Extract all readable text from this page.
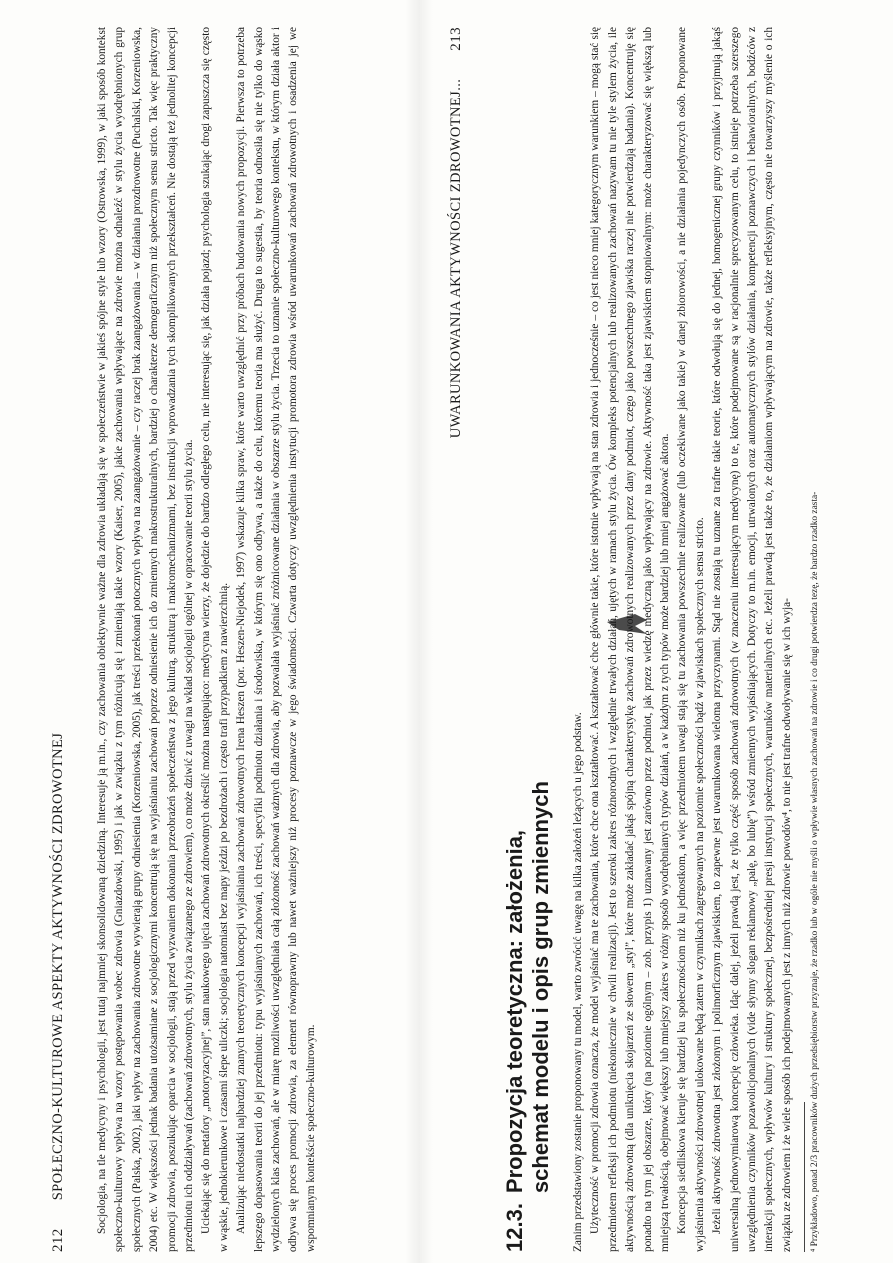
212
SPOŁECZNO-KULTUROWE ASPEKTY AKTYWNOŚCI ZDROWOTNEJ	Socjologia, na tle medycyny i psychologii, jest tutaj najmniej skonsolidowaną dziedziną. Interesuje ją m.in., czy zachowania obiektywnie ważne dla zdrowia układają się w społeczeństwie w jakieś spójne style lub wzory (Ostrowska, 1999), w jaki sposób kontekst społeczno-kulturowy wpływa na wzory postępowania wobec zdrowia (Gniazdowski, 1995) i jak w związku z tym różnicują się i zmieniają takie wzory (Kaiser, 2005), jakie zachowania wpływające na zdrowie można odnaleźć w stylu życia wyodrębnionych grup społecznych (Palska, 2002), jaki wpływ na zachowania zdrowotne wywierają grupy odniesienia (Korzeniowska, 2005), jak treści przekonań potocznych wpływa na zaangażowanie – czy raczej brak zaangażowania – w działania prozdrowotne (Puchalski, Korzeniowska, 2004) etc. W większości jednak badania utożsamiane z socjologicznymi koncentrują się na wyjaśnianiu zachowań poprzez odniesienie ich do zmiennych makrostrukturalnych, bardziej o charakterze demograficznym niż społecznym sensu stricto. Tak więc praktyczny promocji zdrowia, poszukując oparcia w socjologii, stają przed wyzwaniem dokonania przeobrażeń społeczeństwa z jego kulturą, strukturą i makromechanizmami, bez instrukcji wprowadzania tych skomplikowanych przekształceń. Nie dostają też jednolitej koncepcji przedmiotu ich oddziaływań (zachowań zdrowotnych, stylu życia związanego ze zdrowiem), co może dziwić z uwagi na wkład socjologii ogólnej w opracowanie teorii stylu życia. Uciekając się do metafory „motoryzacyjnej”, stan naukowego ujęcia zachowań zdrowotnych określić można następująco: medycyna wierzy, że dojedzie do bardzo odległego celu, nie interesując się, jak działa pojazd; psychologia szukając drogi zapuszcza się często w wąskie, jednokierunkowe i czasami ślepe uliczki; socjologia natomiast bez mapy jeździ po bezdrożach i często trafi przypadkiem z nawierzchnią. Analizując niedostatki najbardziej znanych teoretycznych koncepcji wyjaśniania zachowań zdrowotnych Irena Heszen (por. Heszen-Niejodek, 1997) wskazuje kilka spraw, które warto uwzględnić przy próbach budowania nowych propozycji. Pierwsza to potrzeba lepszego dopasowania teorii do jej przedmiotu: typu wyjaśnianych zachowań, ich treści, specyfiki podmiotu działania i środowiska, w którym się ono odbywa, a także do celu, któremu teoria ma służyć. Druga to sugestia, by teoria odnosiła się nie tylko do wąsko wydzielonych klas zachowań, ale w miarę możliwości uwzględniała całą złożoność zachowań ważnych dla zdrowia, aby pozwalała wyjaśniać zróżnicowane działania w obszarze stylu życia. Trzecia to uznanie społeczno-kulturowego kontekstu, w którym działa aktor i odbywa się proces promocji zdrowia, za element równoprawny lub nawet ważniejszy niż procesy poznawcze w jego świadomości. Czwarta dotyczy uwzględnienia instytucji promotora zdrowia wśród uwarunkowań zachowań zdrowotnych i osadzenia jej we wspomnianym kontekście społeczno-kulturowym.

UWARUNKOWANIA AKTYWNOŚCI ZDROWOTNEJ...
213
12.3.
Propozycja teoretyczna: założenia, schemat modelu i opis grup zmiennych Zanim przedstawiony zostanie proponowany tu model, warto zwrócić uwagę na kilka założeń leżących u jego podstaw. Użyteczność w promocji zdrowia oznacza, że model wyjaśniać ma te zachowania, które chce ona kształtować. A kształtować chce głównie takie, które istotnie wpływają na stan zdrowia i jednocześnie – co jest nieco mniej kategorycznym warunkiem – mogą stać się przedmiotem refleksji ich podmiotu (niekoniecznie w chwili realizacji). Jest to szeroki zakres różnorodnych i względnie trwałych działań, ujętych w ramach stylu życia. Ów kompleks potencjalnych lub realizowanych zachowań nazywam tu nie tyle stylem życia, ile aktywnością zdrowotną (dla uniknięcia skojarzeń ze słowem „styl”, które może zakładać jakąś spójną charakterystykę zachowań zdrowotnych realizowanych przez dany podmiot, czego jako powszechnego zjawiska raczej nie potwierdzają badania). Koncentruję się ponadto na tym jej obszarze, który (na poziomie ogólnym – zob. przypis 1) uznawany jest zarówno przez podmiot, jak przez wiedzę medyczną jako wpływający na zdrowie. Aktywność taka jest zjawiskiem stopniowalnym: może charakteryzować się większą lub mniejszą trwałością, obejmować większy lub mniejszy zakres w różny sposób wyodrębnianych typów działań, a w każdym z tych typów może bardziej lub mniej angażować aktora. Koncepcja siedliskowa kieruje się bardziej ku społecznościom niż ku jednostkom, a więc przedmiotem uwagi stają się tu zachowania powszechnie realizowane (lub oczekiwane jako takie) w danej zbiorowości, a nie działania pojedynczych osób. Proponowane wyjaśnienia aktywności zdrowotnej ulokowane będą zatem w czynnikach zagregowanych na poziomie społeczności bądź w zjawiskach społecznych sensu stricto. Jeżeli aktywność zdrowotna jest złożonym i polimorficznym zjawiskiem, to zapewne jest uwarunkowana wieloma przyczynami. Stąd nie zostają tu uznane za trafne takie teorie, które odwołują się do jednej, homogenicznej grupy czynników i przyjmują jakąś uniwersalną jednowymiarową koncepcję człowieka. Idąc dalej, jeżeli prawdą jest, że tylko część sposób zachowań zdrowotnych (w znaczeniu interesującym medycynę) to te, które podejmowane są w racjonalnie sprecyzowanym celu, to istnieje potrzeba szerszego uwzględnienia czynników pozawolicjonalnych (vide słynny slogan reklamowy „palę, bo lubię”) wśród zmiennych wyjaśniających. Dotyczy to m.in. emocji, utrwalonych oraz automatycznych stylów działania, kompetencji poznawczych i behawioralnych, bodźców z interakcji społecznych, wpływów kultury i struktury społecznej, bezpośredniej presji instytucji społecznych, warunków materialnych etc. Jeżeli prawdą jest także to, że działaniom wpływającym na zdrowie, także refleksyjnym, często nie towarzyszy myślenie o ich związku ze zdrowiem i że wiele sposób ich podejmowanych jest z innych niż zdrowie powodów⁴, to nie jest trafne odwoływanie się w ich wyja-	⁴ Przykładowo, ponad 2/3 pracowników dużych przedsiębiorstw przyznaje, że rzadko lub w ogóle nie myśli o wpływie własnych zachowań na zdrowie i co drugi potwierdza tezę, że bardzo rzadko zasta-
